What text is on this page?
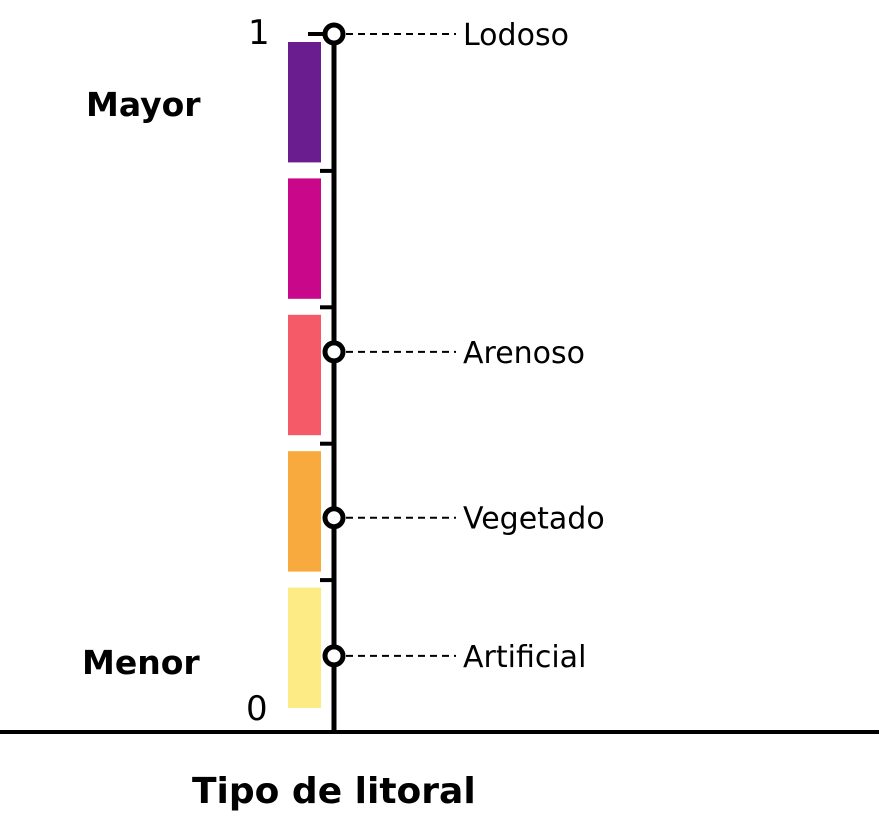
Lodoso
Arenoso
Vegetado
Artificial
1
0
Mayor
Menor
Tipo de litoral
